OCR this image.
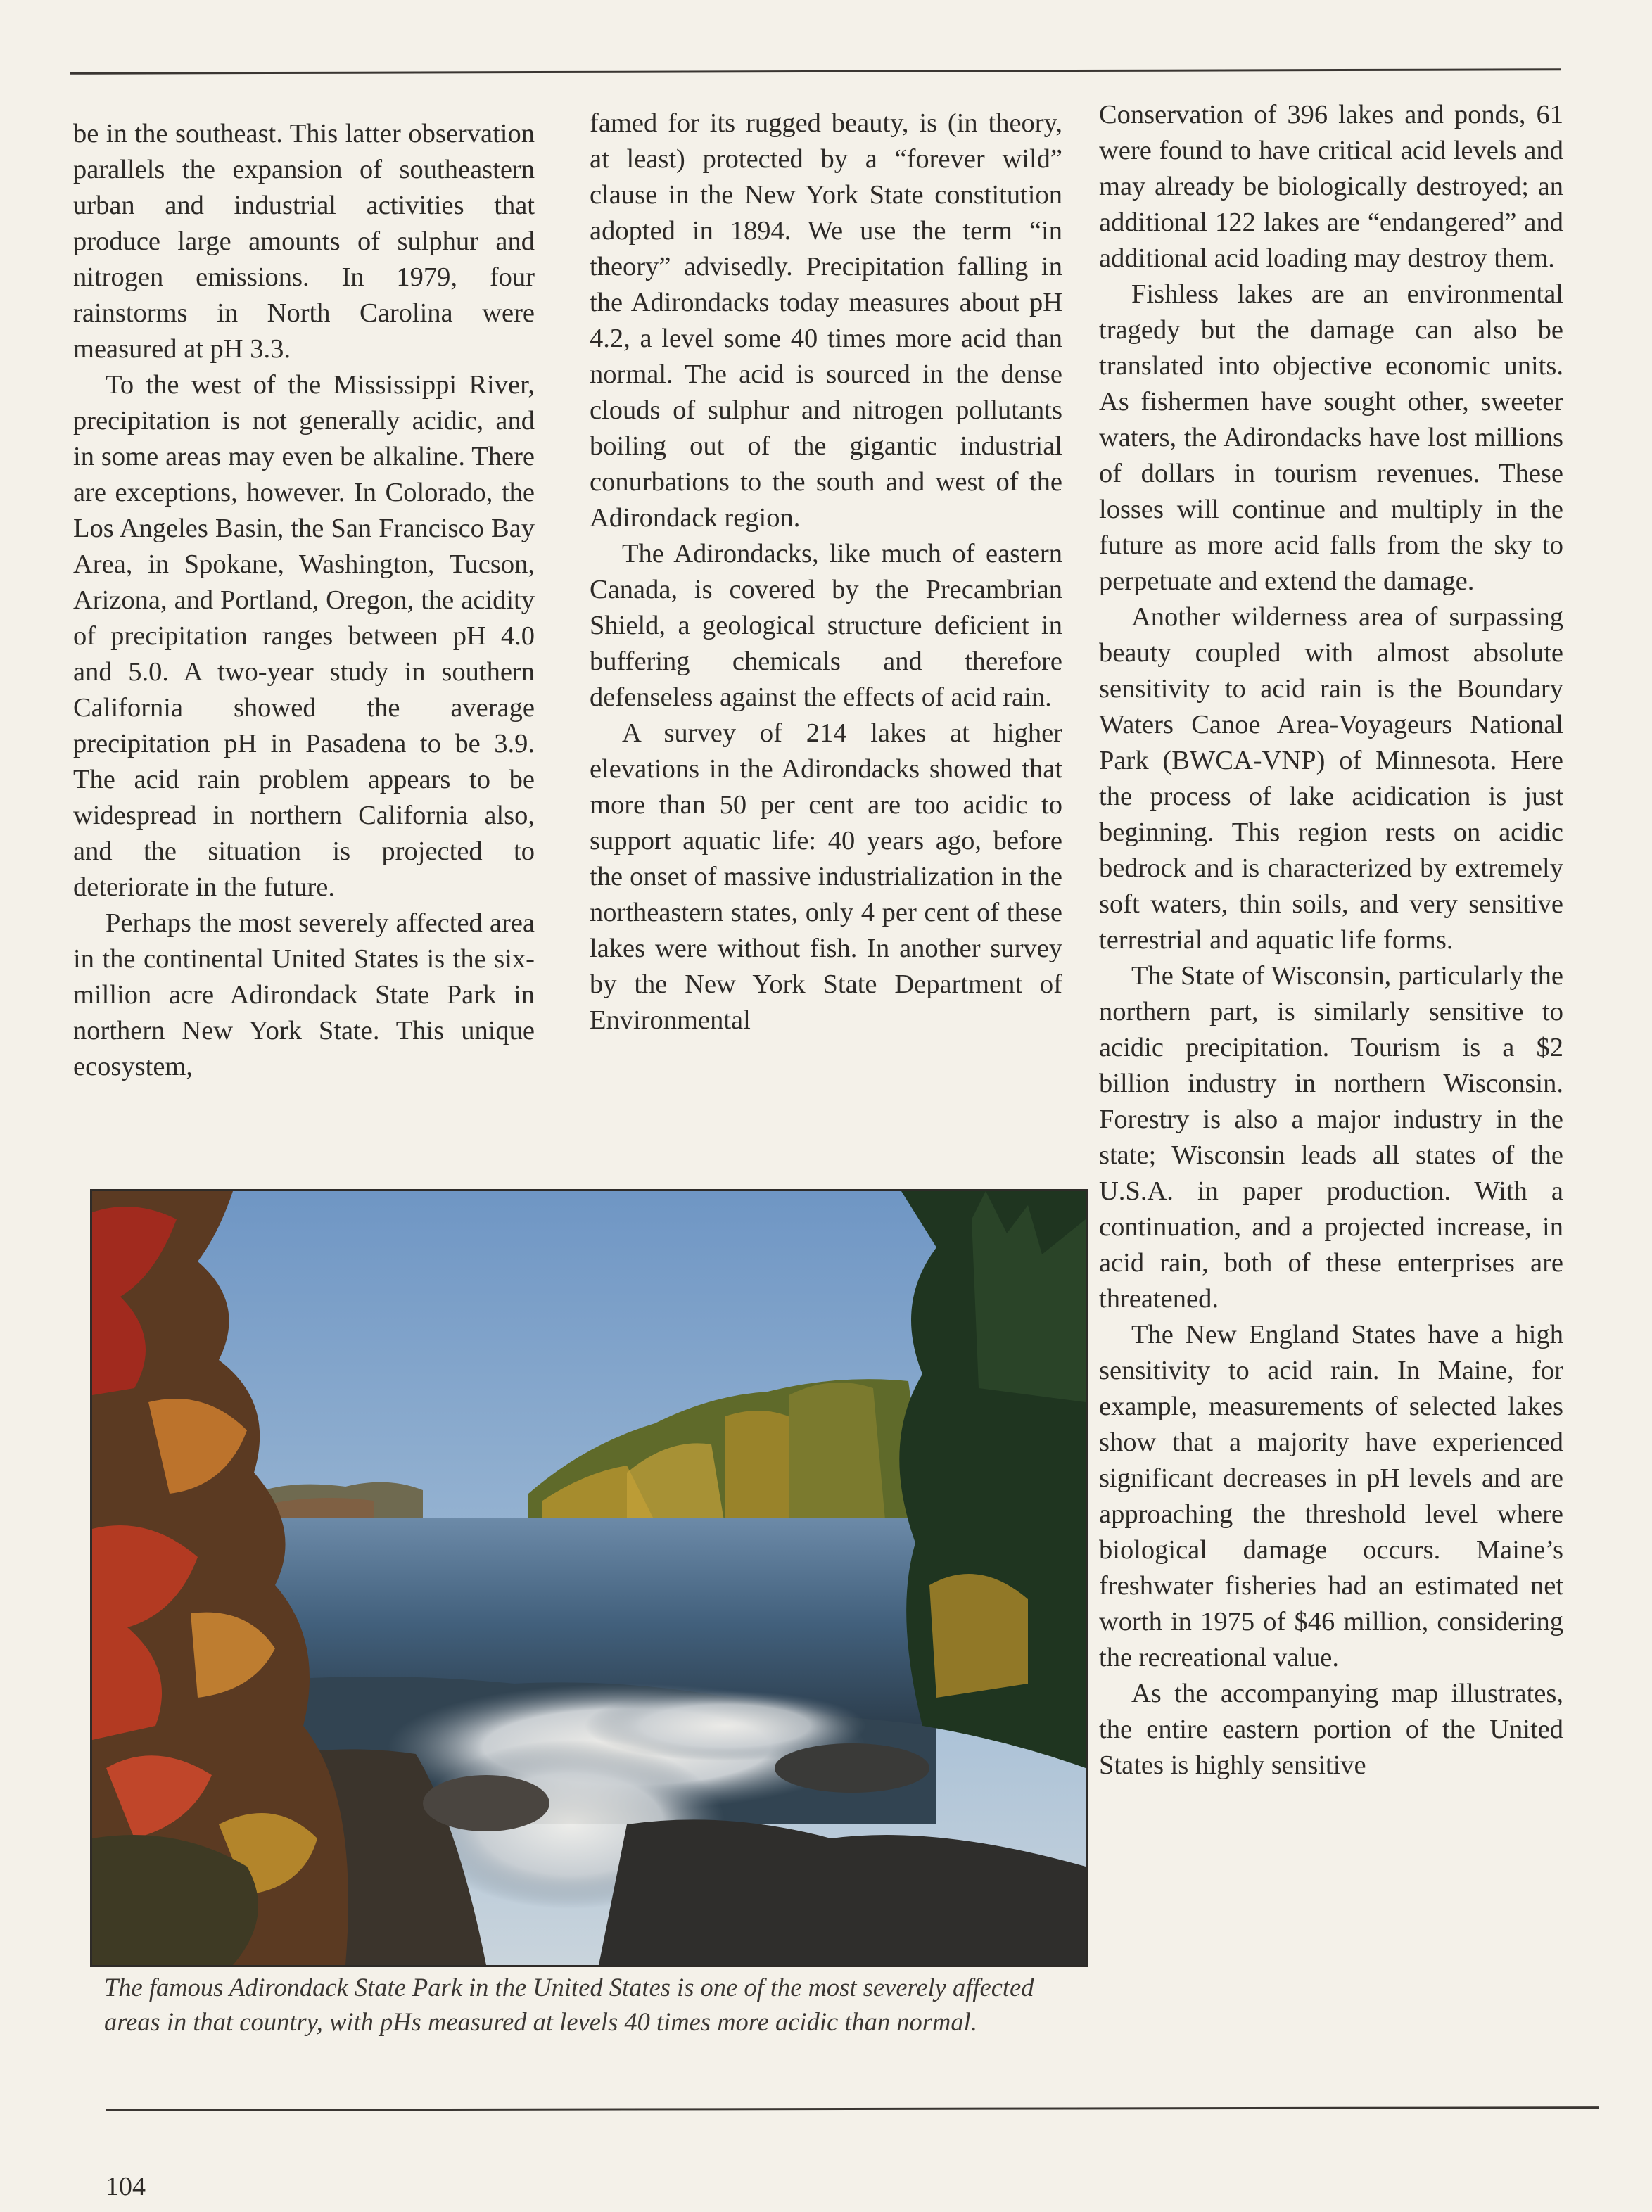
be in the southeast. This latter observation parallels the expansion of southeastern urban and industrial activities that produce large amounts of sulphur and nitrogen emissions. In 1979, four rainstorms in North Carolina were measured at pH 3.3.

To the west of the Mississippi River, precipitation is not generally acidic, and in some areas may even be alkaline. There are exceptions, however. In Colorado, the Los Angeles Basin, the San Francisco Bay Area, in Spokane, Washington, Tucson, Arizona, and Portland, Oregon, the acidity of precipitation ranges between pH 4.0 and 5.0. A two-year study in southern California showed the average precipitation pH in Pasadena to be 3.9. The acid rain problem appears to be widespread in northern California also, and the situation is projected to deteriorate in the future.

Perhaps the most severely affected area in the continental United States is the six-million acre Adirondack State Park in northern New York State. This unique ecosystem,

famed for its rugged beauty, is (in theory, at least) protected by a “forever wild” clause in the New York State constitution adopted in 1894. We use the term “in theory” advisedly. Precipitation falling in the Adirondacks today measures about pH 4.2, a level some 40 times more acid than normal. The acid is sourced in the dense clouds of sulphur and nitrogen pollutants boiling out of the gigantic industrial conurbations to the south and west of the Adirondack region.

The Adirondacks, like much of eastern Canada, is covered by the Precambrian Shield, a geological structure deficient in buffering chemicals and therefore defenseless against the effects of acid rain.

A survey of 214 lakes at higher elevations in the Adirondacks showed that more than 50 per cent are too acidic to support aquatic life: 40 years ago, before the onset of massive industrialization in the northeastern states, only 4 per cent of these lakes were without fish. In another survey by the New York State Department of Environmental

Conservation of 396 lakes and ponds, 61 were found to have critical acid levels and may already be biologically destroyed; an additional 122 lakes are “endangered” and additional acid loading may destroy them.

Fishless lakes are an environmental tragedy but the damage can also be translated into objective economic units. As fishermen have sought other, sweeter waters, the Adirondacks have lost millions of dollars in tourism revenues. These losses will continue and multiply in the future as more acid falls from the sky to perpetuate and extend the damage.

Another wilderness area of surpassing beauty coupled with almost absolute sensitivity to acid rain is the Boundary Waters Canoe Area-Voyageurs National Park (BWCA-VNP) of Minnesota. Here the process of lake acidication is just beginning. This region rests on acidic bedrock and is characterized by extremely soft waters, thin soils, and very sensitive terrestrial and aquatic life forms.

The State of Wisconsin, particularly the northern part, is similarly sensitive to acidic precipitation. Tourism is a $2 billion industry in northern Wisconsin. Forestry is also a major industry in the state; Wisconsin leads all states of the U.S.A. in paper production. With a continuation, and a projected increase, in acid rain, both of these enterprises are threatened.

The New England States have a high sensitivity to acid rain. In Maine, for example, measurements of selected lakes show that a majority have experienced significant decreases in pH levels and are approaching the threshold level where biological damage occurs. Maine’s freshwater fisheries had an estimated net worth in 1975 of $46 million, considering the recreational value.

As the accompanying map illustrates, the entire eastern portion of the United States is highly sensitive

The famous Adirondack State Park in the United States is one of the most severely affected areas in that country, with pHs measured at levels 40 times more acidic than normal.

104
